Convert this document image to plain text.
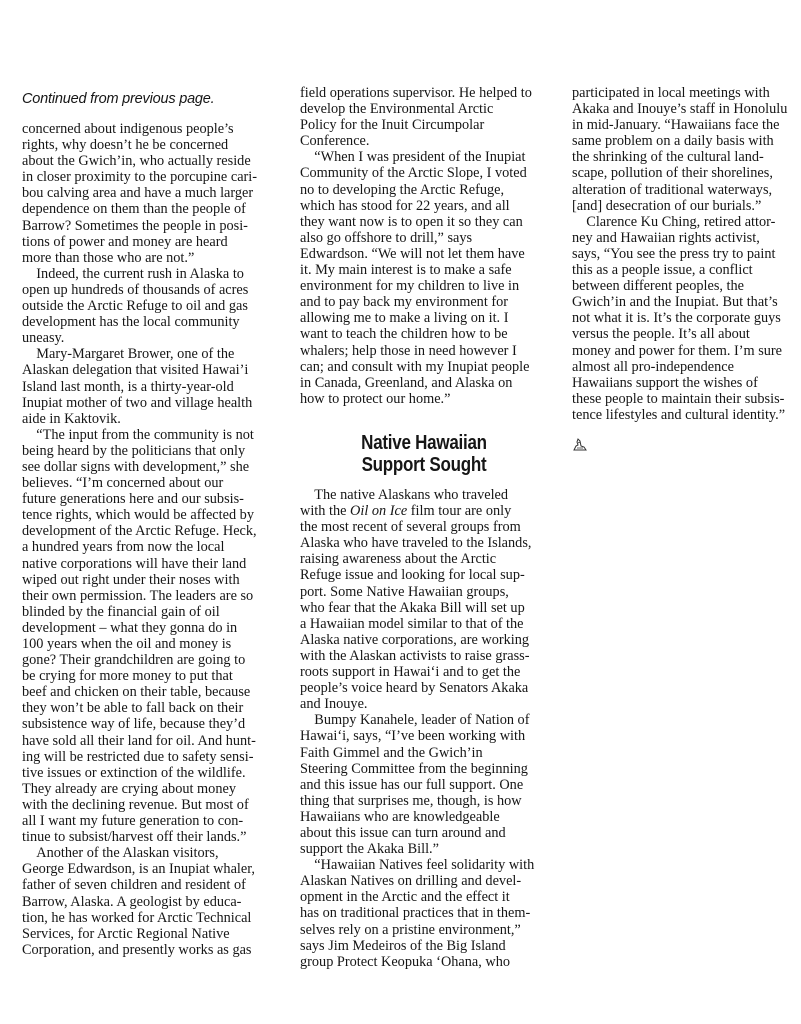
Continued from previous page.
concerned about indigenous people’s
rights, why doesn’t he be concerned
about the Gwich’in, who actually reside
in closer proximity to the porcupine cari-
bou calving area and have a much larger
dependence on them than the people of
Barrow? Sometimes the people in posi-
tions of power and money are heard
more than those who are not.”
 Indeed, the current rush in Alaska to
open up hundreds of thousands of acres
outside the Arctic Refuge to oil and gas
development has the local community
uneasy.
 Mary-Margaret Brower, one of the
Alaskan delegation that visited Hawai’i
Island last month, is a thirty-year-old
Inupiat mother of two and village health
aide in Kaktovik.
 “The input from the community is not
being heard by the politicians that only
see dollar signs with development,” she
believes. “I’m concerned about our
future generations here and our subsis-
tence rights, which would be affected by
development of the Arctic Refuge. Heck,
a hundred years from now the local
native corporations will have their land
wiped out right under their noses with
their own permission. The leaders are so
blinded by the financial gain of oil
development – what they gonna do in
100 years when the oil and money is
gone? Their grandchildren are going to
be crying for more money to put that
beef and chicken on their table, because
they won’t be able to fall back on their
subsistence way of life, because they’d
have sold all their land for oil. And hunt-
ing will be restricted due to safety sensi-
tive issues or extinction of the wildlife.
They already are crying about money
with the declining revenue. But most of
all I want my future generation to con-
tinue to subsist/harvest off their lands.”
 Another of the Alaskan visitors,
George Edwardson, is an Inupiat whaler,
father of seven children and resident of
Barrow, Alaska. A geologist by educa-
tion, he has worked for Arctic Technical
Services, for Arctic Regional Native
Corporation, and presently works as gas
field operations supervisor. He helped to
develop the Environmental Arctic
Policy for the Inuit Circumpolar
Conference.
 “When I was president of the Inupiat
Community of the Arctic Slope, I voted
no to developing the Arctic Refuge,
which has stood for 22 years, and all
they want now is to open it so they can
also go offshore to drill,” says
Edwardson. “We will not let them have
it. My main interest is to make a safe
environment for my children to live in
and to pay back my environment for
allowing me to make a living on it. I
want to teach the children how to be
whalers; help those in need however I
can; and consult with my Inupiat people
in Canada, Greenland, and Alaska on
how to protect our home.”
Native Hawaiian
Support Sought
 The native Alaskans who traveled
with the Oil on Ice film tour are only
the most recent of several groups from
Alaska who have traveled to the Islands,
raising awareness about the Arctic
Refuge issue and looking for local sup-
port. Some Native Hawaiian groups,
who fear that the Akaka Bill will set up
a Hawaiian model similar to that of the
Alaska native corporations, are working
with the Alaskan activists to raise grass-
roots support in Hawai‘i and to get the
people’s voice heard by Senators Akaka
and Inouye.
 Bumpy Kanahele, leader of Nation of
Hawai‘i, says, “I’ve been working with
Faith Gimmel and the Gwich’in
Steering Committee from the beginning
and this issue has our full support. One
thing that surprises me, though, is how
Hawaiians who are knowledgeable
about this issue can turn around and
support the Akaka Bill.”
 “Hawaiian Natives feel solidarity with
Alaskan Natives on drilling and devel-
opment in the Arctic and the effect it
has on traditional practices that in them-
selves rely on a pristine environment,”
says Jim Medeiros of the Big Island
group Protect Keopuka ‘Ohana, who
participated in local meetings with
Akaka and Inouye’s staff in Honolulu
in mid-January. “Hawaiians face the
same problem on a daily basis with
the shrinking of the cultural land-
scape, pollution of their shorelines,
alteration of traditional waterways,
[and] desecration of our burials.”
 Clarence Ku Ching, retired attor-
ney and Hawaiian rights activist,
says, “You see the press try to paint
this as a people issue, a conflict
between different peoples, the
Gwich’in and the Inupiat. But that’s
not what it is. It’s the corporate guys
versus the people. It’s all about
money and power for them. I’m sure
almost all pro-independence
Hawaiians support the wishes of
these people to maintain their subsis-
tence lifestyles and cultural identity.”
